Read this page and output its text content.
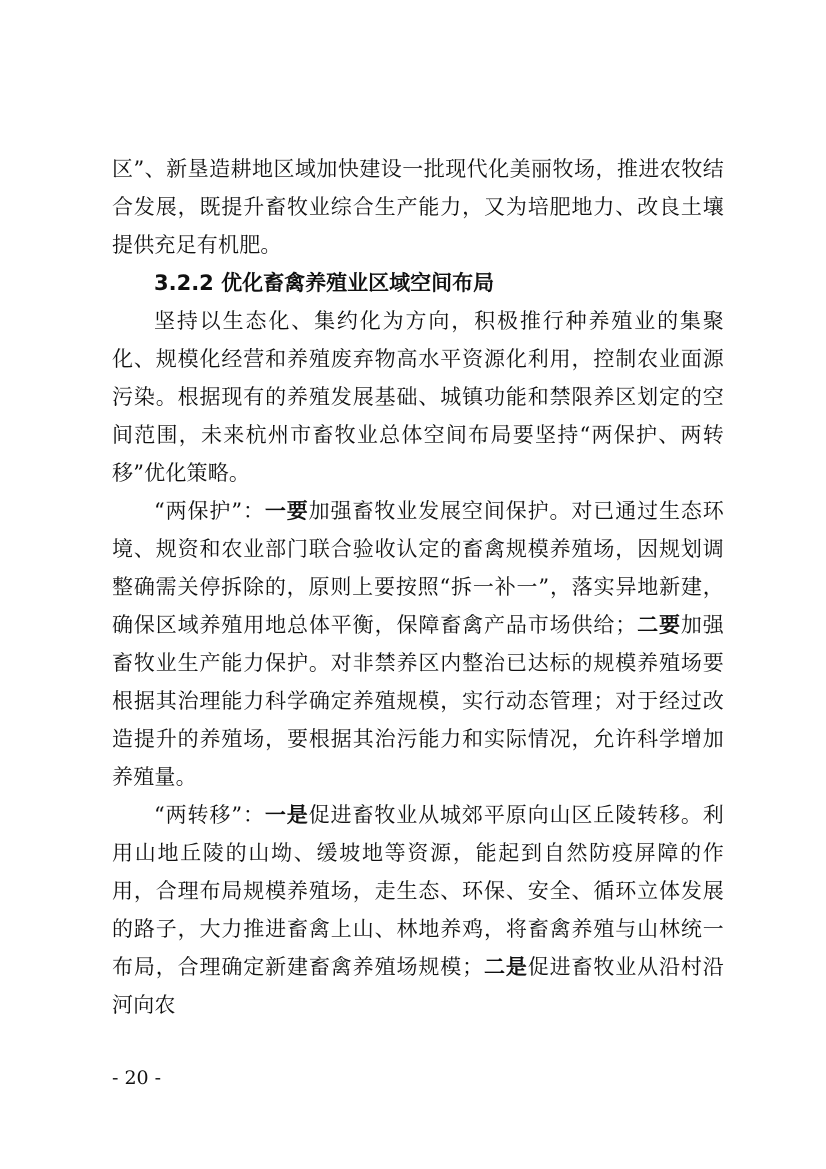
区”、新垦造耕地区域加快建设一批现代化美丽牧场，推进农牧结合发展，既提升畜牧业综合生产能力，又为培肥地力、改良土壤提供充足有机肥。

3.2.2 优化畜禽养殖业区域空间布局

坚持以生态化、集约化为方向，积极推行种养殖业的集聚化、规模化经营和养殖废弃物高水平资源化利用，控制农业面源污染。根据现有的养殖发展基础、城镇功能和禁限养区划定的空间范围，未来杭州市畜牧业总体空间布局要坚持“两保护、两转移”优化策略。

“两保护”：一要加强畜牧业发展空间保护。对已通过生态环境、规资和农业部门联合验收认定的畜禽规模养殖场，因规划调整确需关停拆除的，原则上要按照“拆一补一”，落实异地新建，确保区域养殖用地总体平衡，保障畜禽产品市场供给；二要加强畜牧业生产能力保护。对非禁养区内整治已达标的规模养殖场要根据其治理能力科学确定养殖规模，实行动态管理；对于经过改造提升的养殖场，要根据其治污能力和实际情况，允许科学增加养殖量。

“两转移”：一是促进畜牧业从城郊平原向山区丘陵转移。利用山地丘陵的山坳、缓坡地等资源，能起到自然防疫屏障的作用，合理布局规模养殖场，走生态、环保、安全、循环立体发展的路子，大力推进畜禽上山、林地养鸡，将畜禽养殖与山林统一布局，合理确定新建畜禽养殖场规模；二是促进畜牧业从沿村沿河向农

- 20 -
